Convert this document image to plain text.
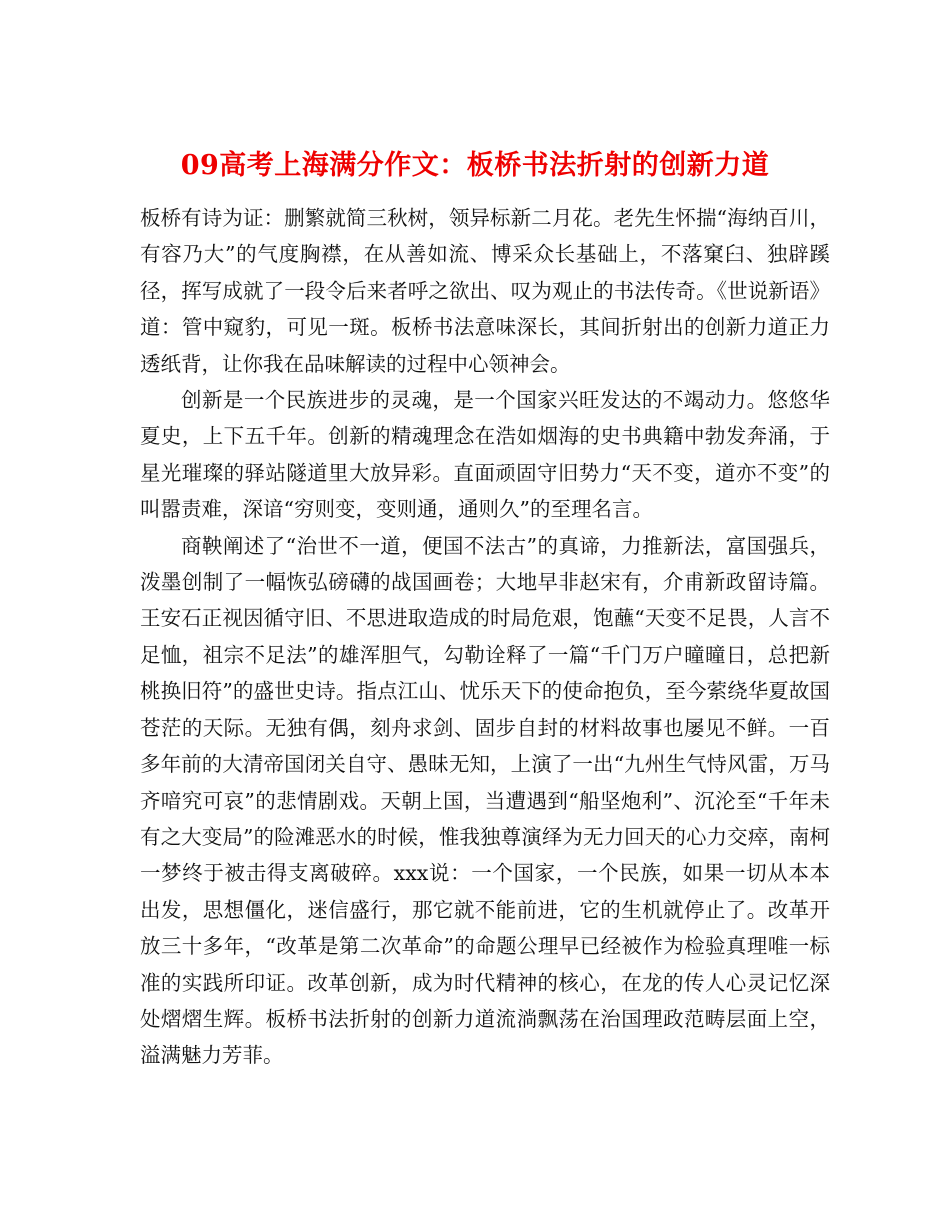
09高考上海满分作文：板桥书法折射的创新力道

板桥有诗为证：删繁就简三秋树，领异标新二月花。老先生怀揣“海纳百川，有容乃大”的气度胸襟，在从善如流、博采众长基础上，不落窠臼、独辟蹊径，挥写成就了一段令后来者呼之欲出、叹为观止的书法传奇。《世说新语》道：管中窥豹，可见一斑。板桥书法意味深长，其间折射出的创新力道正力透纸背，让你我在品味解读的过程中心领神会。

创新是一个民族进步的灵魂，是一个国家兴旺发达的不竭动力。悠悠华夏史，上下五千年。创新的精魂理念在浩如烟海的史书典籍中勃发奔涌，于星光璀璨的驿站隧道里大放异彩。直面顽固守旧势力“天不变，道亦不变”的叫嚣责难，深谙“穷则变，变则通，通则久”的至理名言。

商鞅阐述了“治世不一道，便国不法古”的真谛，力推新法，富国强兵，泼墨创制了一幅恢弘磅礴的战国画卷；大地早非赵宋有，介甫新政留诗篇。王安石正视因循守旧、不思进取造成的时局危艰，饱蘸“天变不足畏，人言不足恤，祖宗不足法”的雄浑胆气，勾勒诠释了一篇“千门万户曈曈日，总把新桃换旧符”的盛世史诗。指点江山、忧乐天下的使命抱负，至今萦绕华夏故国苍茫的天际。无独有偶，刻舟求剑、固步自封的材料故事也屡见不鲜。一百多年前的大清帝国闭关自守、愚昧无知，上演了一出“九州生气恃风雷，万马齐喑究可哀”的悲情剧戏。天朝上国，当遭遇到“船坚炮利”、沉沦至“千年未有之大变局”的险滩恶水的时候，惟我独尊演绎为无力回天的心力交瘁，南柯一梦终于被击得支离破碎。xxx说：一个国家，一个民族，如果一切从本本出发，思想僵化，迷信盛行，那它就不能前进，它的生机就停止了。改革开放三十多年，“改革是第二次革命”的命题公理早已经被作为检验真理唯一标准的实践所印证。改革创新，成为时代精神的核心，在龙的传人心灵记忆深处熠熠生辉。板桥书法折射的创新力道流淌飘荡在治国理政范畴层面上空，溢满魅力芳菲。
